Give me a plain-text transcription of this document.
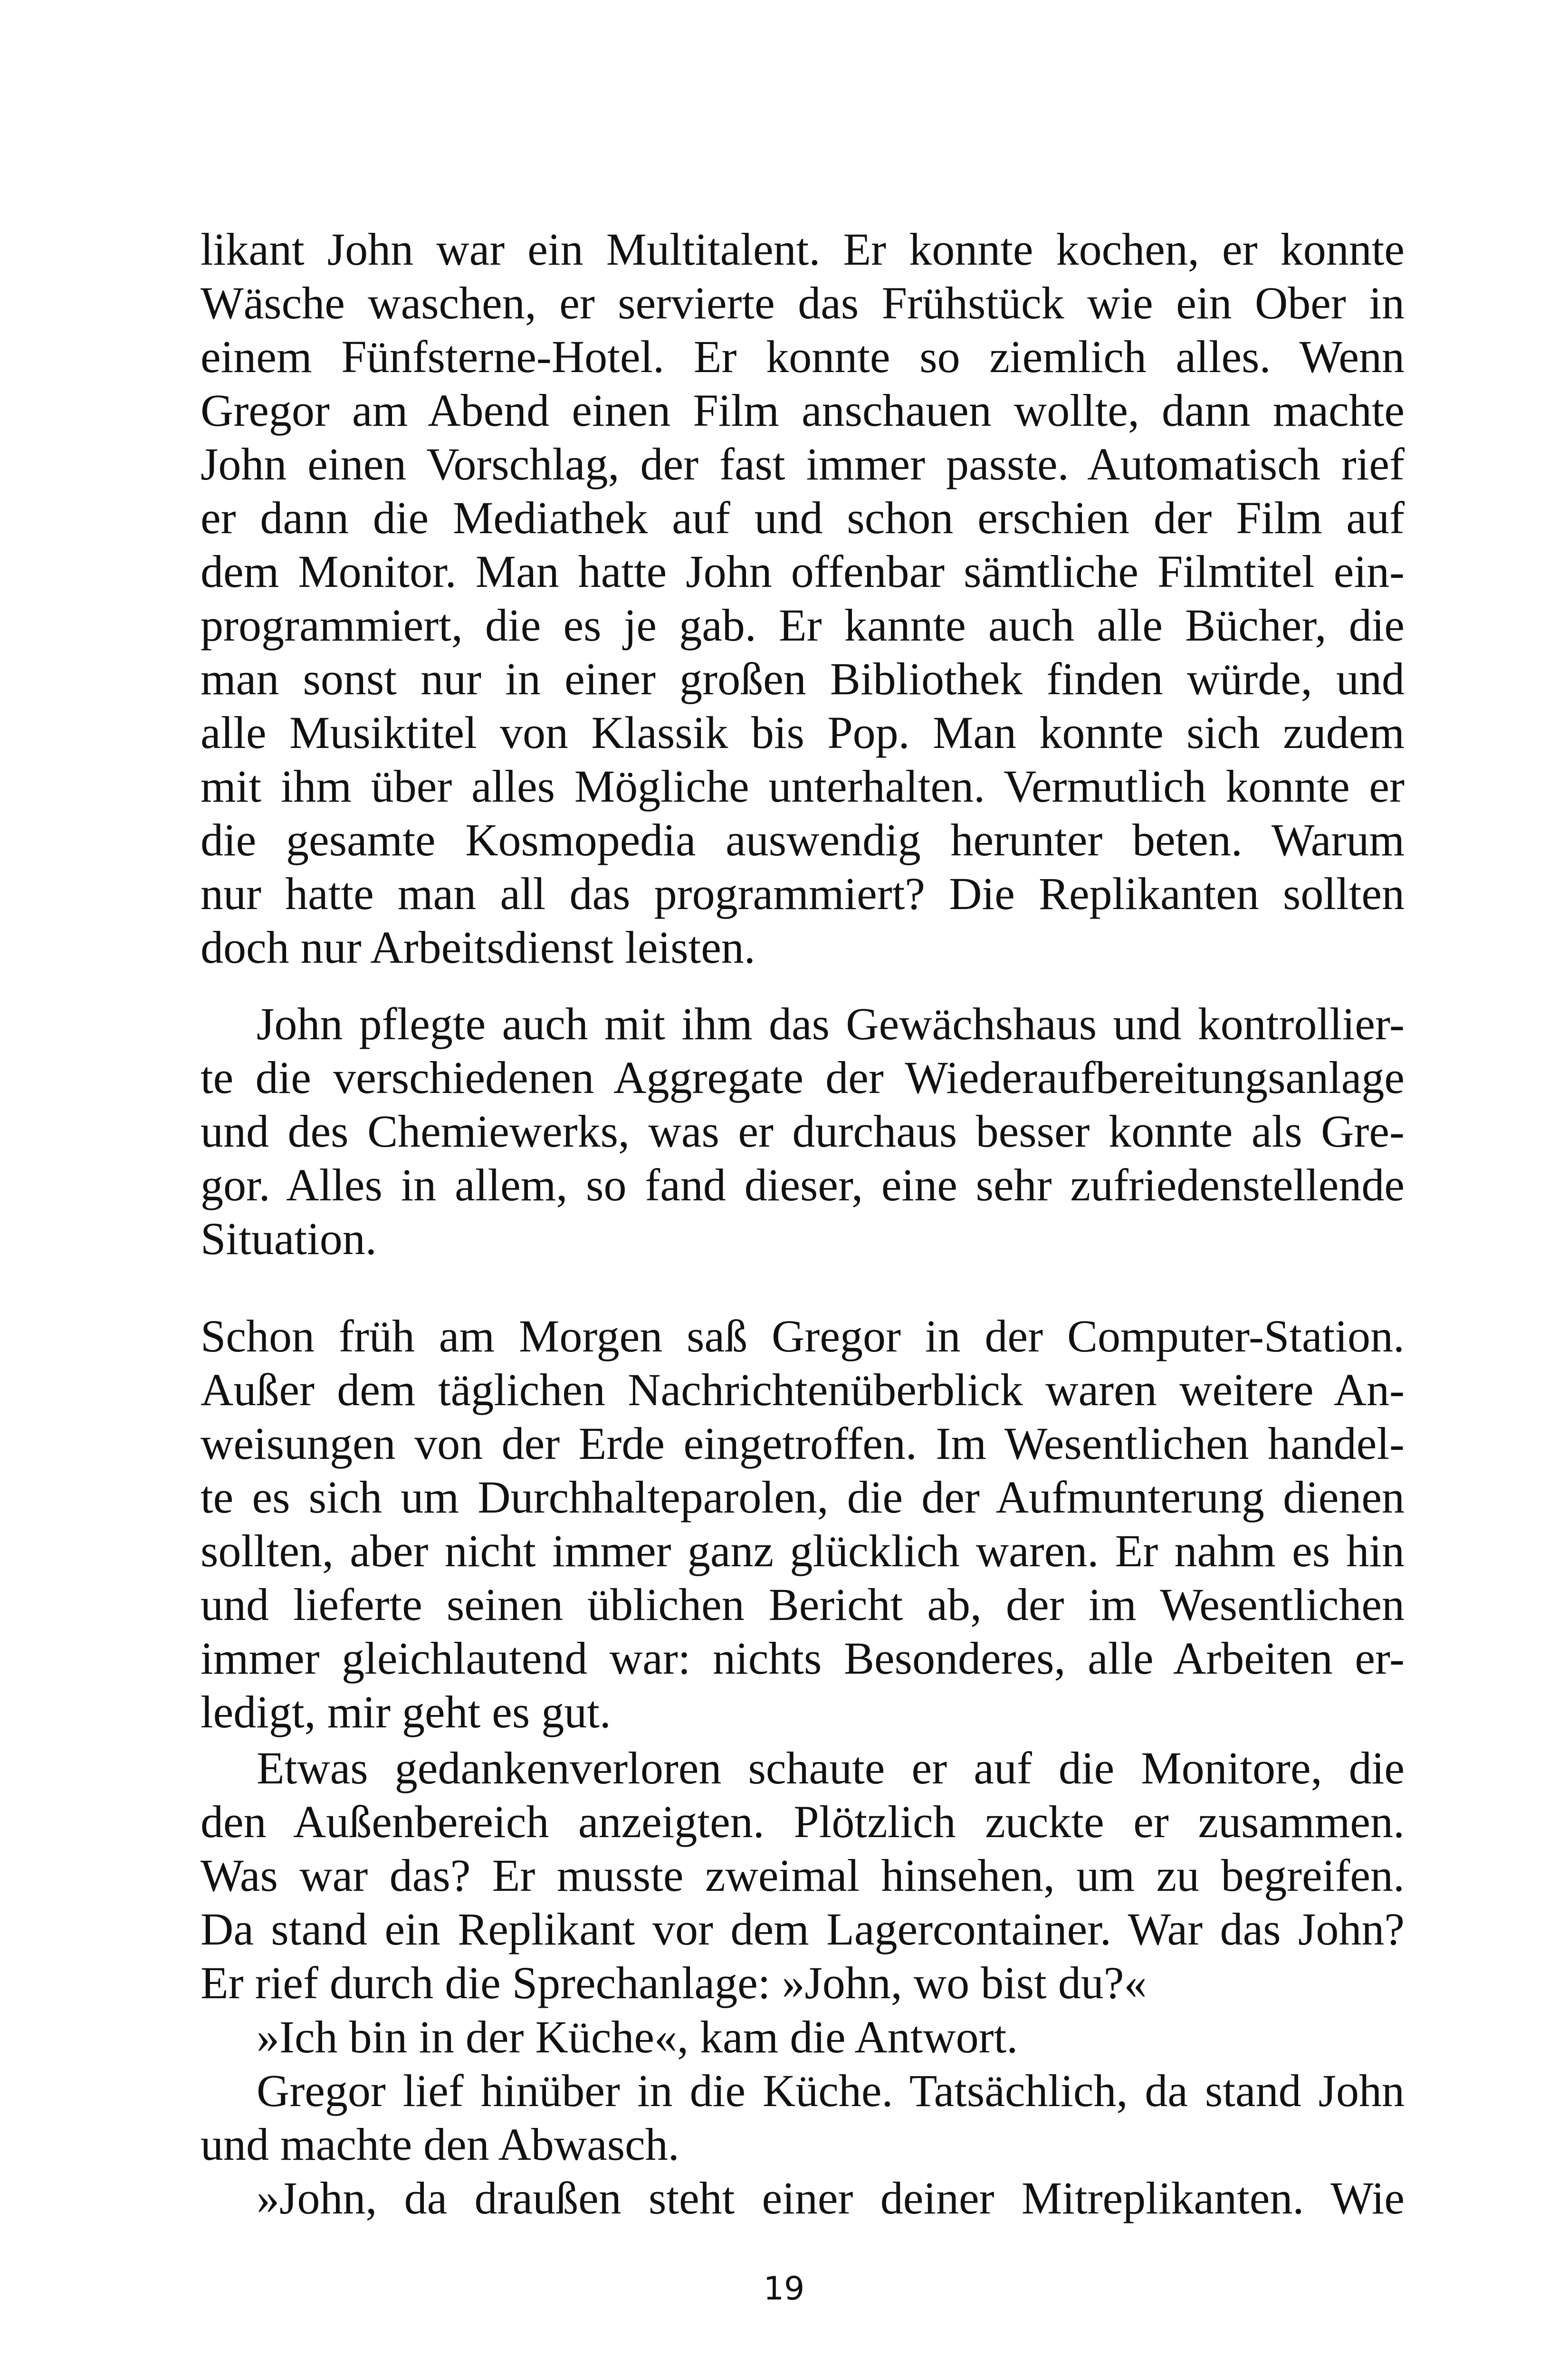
likant John war ein Multitalent. Er konnte kochen, er konnte
Wäsche waschen, er servierte das Frühstück wie ein Ober in
einem Fünfsterne-Hotel. Er konnte so ziemlich alles. Wenn
Gregor am Abend einen Film anschauen wollte, dann machte
John einen Vorschlag, der fast immer passte. Automatisch rief
er dann die Mediathek auf und schon erschien der Film auf
dem Monitor. Man hatte John offenbar sämtliche Filmtitel ein-
programmiert, die es je gab. Er kannte auch alle Bücher, die
man sonst nur in einer großen Bibliothek finden würde, und
alle Musiktitel von Klassik bis Pop. Man konnte sich zudem
mit ihm über alles Mögliche unterhalten. Vermutlich konnte er
die gesamte Kosmopedia auswendig herunter beten. Warum
nur hatte man all das programmiert? Die Replikanten sollten
doch nur Arbeitsdienst leisten.
John pflegte auch mit ihm das Gewächshaus und kontrollier-
te die verschiedenen Aggregate der Wiederaufbereitungsanlage
und des Chemiewerks, was er durchaus besser konnte als Gre-
gor. Alles in allem, so fand dieser, eine sehr zufriedenstellende
Situation.
Schon früh am Morgen saß Gregor in der Computer-Station.
Außer dem täglichen Nachrichtenüberblick waren weitere An-
weisungen von der Erde eingetroffen. Im Wesentlichen handel-
te es sich um Durchhalteparolen, die der Aufmunterung dienen
sollten, aber nicht immer ganz glücklich waren. Er nahm es hin
und lieferte seinen üblichen Bericht ab, der im Wesentlichen
immer gleichlautend war: nichts Besonderes, alle Arbeiten er-
ledigt, mir geht es gut.
Etwas gedankenverloren schaute er auf die Monitore, die
den Außenbereich anzeigten. Plötzlich zuckte er zusammen.
Was war das? Er musste zweimal hinsehen, um zu begreifen.
Da stand ein Replikant vor dem Lagercontainer. War das John?
Er rief durch die Sprechanlage: »John, wo bist du?«
»Ich bin in der Küche«, kam die Antwort.
Gregor lief hinüber in die Küche. Tatsächlich, da stand John
und machte den Abwasch.
»John, da draußen steht einer deiner Mitreplikanten. Wie
19
